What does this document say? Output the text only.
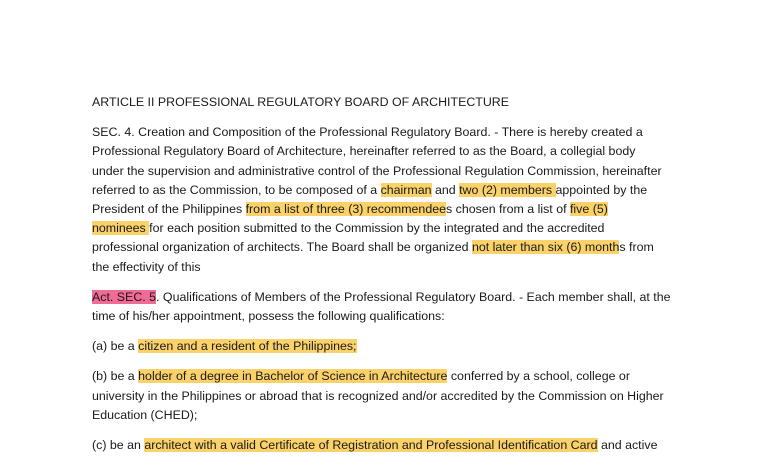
ARTICLE II PROFESSIONAL REGULATORY BOARD OF ARCHITECTURE

SEC. 4. Creation and Composition of the Professional Regulatory Board. - There is hereby created a
Professional Regulatory Board of Architecture, hereinafter referred to as the Board, a collegial body
under the supervision and administrative control of the Professional Regulation Commission, hereinafter
referred to as the Commission, to be composed of a chairman and two (2) members appointed by the
President of the Philippines from a list of three (3) recommendees chosen from a list of five (5)
nominees for each position submitted to the Commission by the integrated and the accredited
professional organization of architects. The Board shall be organized not later than six (6) months from
the effectivity of this

Act. SEC. 5. Qualifications of Members of the Professional Regulatory Board. - Each member shall, at the
time of his/her appointment, possess the following qualifications:

(a) be a citizen and a resident of the Philippines;

(b) be a holder of a degree in Bachelor of Science in Architecture conferred by a school, college or
university in the Philippines or abroad that is recognized and/or accredited by the Commission on Higher
Education (CHED);

(c) be an architect with a valid Certificate of Registration and Professional Identification Card and active
